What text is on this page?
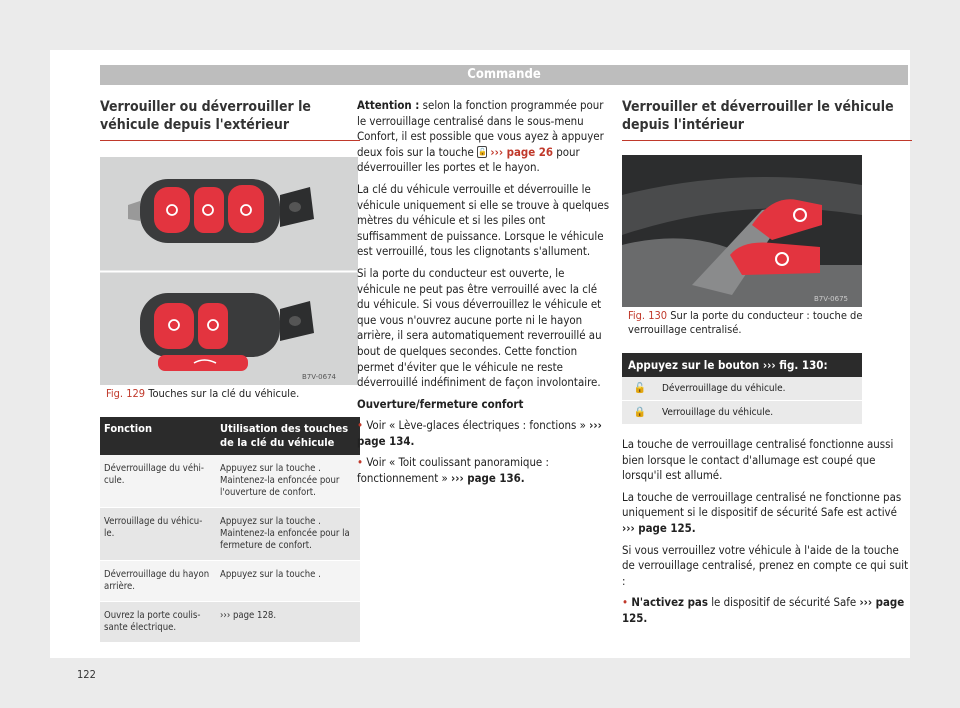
Commande
Verrouiller ou déverrouiller le véhicule depuis l'extérieur
B7V-0674
Fig. 129 Touches sur la clé du véhicule.
Fonction	Utilisation des touches de la clé du véhicule
Déverrouillage du véhi-cule.	Appuyez sur la touche . Maintenez-la enfoncée pour l'ouverture de confort.
Verrouillage du véhicu-le.	Appuyez sur la touche . Maintenez-la enfoncée pour la fermeture de confort.
Déverrouillage du hayon arrière.	Appuyez sur la touche .
Ouvrez la porte coulis-sante électrique.	››› page 128.

Attention : selon la fonction programmée pour le verrouillage centralisé dans le sous-menu Confort, il est possible que vous ayez à appuyer deux fois sur la touche 🔓 ››› page 26 pour déverrouiller les portes et le hayon.

La clé du véhicule verrouille et déverrouille le véhicule uniquement si elle se trouve à quelques mètres du véhicule et si les piles ont suffisamment de puissance. Lorsque le véhicule est verrouillé, tous les clignotants s'allument.

Si la porte du conducteur est ouverte, le véhicule ne peut pas être verrouillé avec la clé du véhicule. Si vous déverrouillez le véhicule et que vous n'ouvrez aucune porte ni le hayon arrière, il sera automatiquement reverrouillé au bout de quelques secondes. Cette fonction permet d'éviter que le véhicule ne reste déverrouillé indéfiniment de façon involontaire.

Ouverture/fermeture confort

• Voir « Lève-glaces électriques : fonctions » ››› page 134.

• Voir « Toit coulissant panoramique : fonctionnement » ››› page 136.

Verrouiller et déverrouiller le véhicule depuis l'intérieur
B7V-0675
Fig. 130 Sur la porte du conducteur : touche de verrouillage centralisé.
Appuyez sur le bouton ››› fig. 130:
🔓	Déverrouillage du véhicule.
🔒	Verrouillage du véhicule.

La touche de verrouillage centralisé fonctionne aussi bien lorsque le contact d'allumage est coupé que lorsqu'il est allumé.

La touche de verrouillage centralisé ne fonctionne pas uniquement si le dispositif de sécurité Safe est activé ››› page 125.

Si vous verrouillez votre véhicule à l'aide de la touche de verrouillage centralisé, prenez en compte ce qui suit :

• N'activez pas le dispositif de sécurité Safe ››› page 125.

122
